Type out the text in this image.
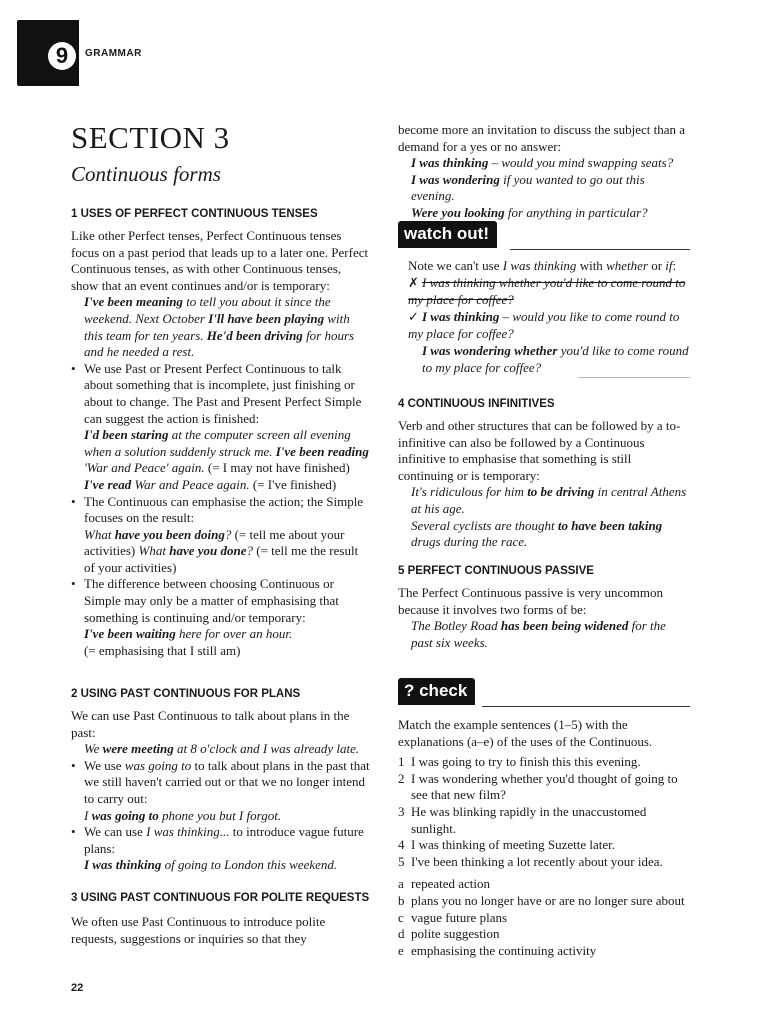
9	GRAMMAR
SECTION 3
Continuous forms
1 USES OF PERFECT CONTINUOUS TENSES

Like other Perfect tenses, Perfect Continuous tenses focus on a past period that leads up to a later one. Perfect Continuous tenses, as with other Continuous tenses, show that an event continues and/or is temporary:

I've been meaning to tell you about it since the weekend. Next October I'll have been playing with this team for ten years. He'd been driving for hours and he needed a rest.
• We use Past or Present Perfect Continuous to talk about something that is incomplete, just finishing or about to change. The Past and Present Perfect Simple can suggest the action is finished:
I'd been staring at the computer screen all evening when a solution suddenly struck me. I've been reading 'War and Peace' again. (= I may not have finished)
I've read War and Peace again. (= I've finished)
• The Continuous can emphasise the action; the Simple focuses on the result:
What have you been doing? (= tell me about your activities) What have you done? (= tell me the result of your activities)
• The difference between choosing Continuous or Simple may only be a matter of emphasising that something is continuing and/or temporary:
I've been waiting here for over an hour.
(= emphasising that I still am)
2 USING PAST CONTINUOUS FOR PLANS

We can use Past Continuous to talk about plans in the past:

We were meeting at 8 o'clock and I was already late.
• We use was going to to talk about plans in the past that we still haven't carried out or that we no longer intend to carry out:
I was going to phone you but I forgot.
• We can use I was thinking... to introduce vague future plans:
I was thinking of going to London this weekend.
3 USING PAST CONTINUOUS FOR POLITE REQUESTS

We often use Past Continuous to introduce polite requests, suggestions or inquiries so that they

become more an invitation to discuss the subject than a demand for a yes or no answer:

I was thinking – would you mind swapping seats?
I was wondering if you wanted to go out this evening.
Were you looking for anything in particular?
watch out!

Note we can't use I was thinking with whether or if:

✗ I was thinking whether you'd like to come round to my place for coffee?
✓ I was thinking – would you like to come round to my place for coffee?
I was wondering whether you'd like to come round to my place for coffee?
4 CONTINUOUS INFINITIVES

Verb and other structures that can be followed by a to-infinitive can also be followed by a Continuous infinitive to emphasise that something is still continuing or is temporary:

It's ridiculous for him to be driving in central Athens at his age.
Several cyclists are thought to have been taking drugs during the race.
5 PERFECT CONTINUOUS PASSIVE

The Perfect Continuous passive is very uncommon because it involves two forms of be:

The Botley Road has been being widened for the past six weeks.
? check

Match the example sentences (1–5) with the explanations (a–e) of the uses of the Continuous.

1 I was going to try to finish this this evening.
2 I was wondering whether you'd thought of going to see that new film?
3 He was blinking rapidly in the unaccustomed sunlight.
4 I was thinking of meeting Suzette later.
5 I've been thinking a lot recently about your idea.
a repeated action
b plans you no longer have or are no longer sure about
c vague future plans
d polite suggestion
e emphasising the continuing activity
22
